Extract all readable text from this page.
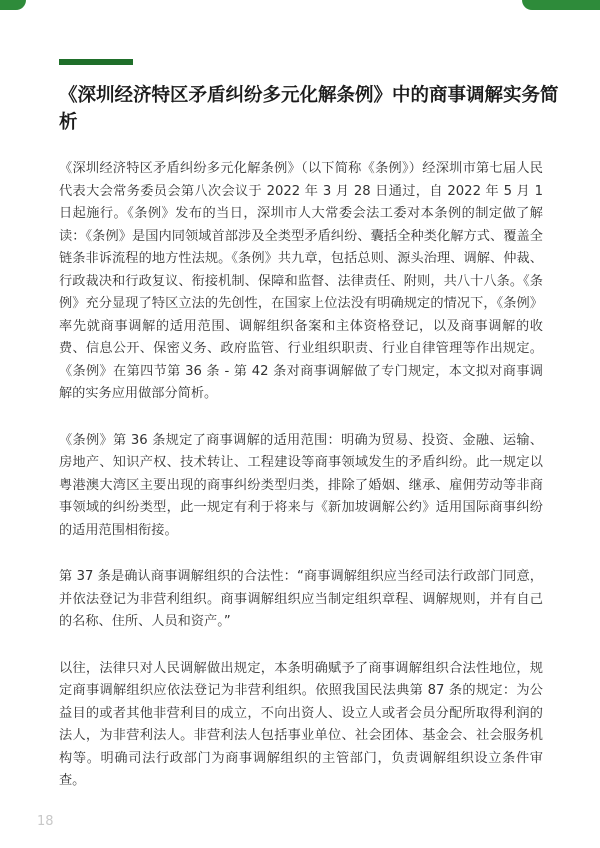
《深圳经济特区矛盾纠纷多元化解条例》中的商事调解实务简析

《深圳经济特区矛盾纠纷多元化解条例》（以下简称《条例》）经深圳市第七届人民代表大会常务委员会第八次会议于 2022 年 3 月 28 日通过，自 2022 年 5 月 1 日起施行。《条例》发布的当日，深圳市人大常委会法工委对本条例的制定做了解读：《条例》是国内同领域首部涉及全类型矛盾纠纷、囊括全种类化解方式、覆盖全链条非诉流程的地方性法规。《条例》共九章，包括总则、源头治理、调解、仲裁、行政裁决和行政复议、衔接机制、保障和监督、法律责任、附则，共八十八条。《条例》充分显现了特区立法的先创性，在国家上位法没有明确规定的情况下，《条例》率先就商事调解的适用范围、调解组织备案和主体资格登记，以及商事调解的收费、信息公开、保密义务、政府监管、行业组织职责、行业自律管理等作出规定。《条例》在第四节第 36 条 - 第 42 条对商事调解做了专门规定，本文拟对商事调解的实务应用做部分简析。

《条例》第 36 条规定了商事调解的适用范围：明确为贸易、投资、金融、运输、房地产、知识产权、技术转让、工程建设等商事领域发生的矛盾纠纷。此一规定以粤港澳大湾区主要出现的商事纠纷类型归类，排除了婚姻、继承、雇佣劳动等非商事领域的纠纷类型，此一规定有利于将来与《新加坡调解公约》适用国际商事纠纷的适用范围相衔接。

第 37 条是确认商事调解组织的合法性：“商事调解组织应当经司法行政部门同意，并依法登记为非营利组织。商事调解组织应当制定组织章程、调解规则，并有自己的名称、住所、人员和资产。”

以往，法律只对人民调解做出规定，本条明确赋予了商事调解组织合法性地位，规定商事调解组织应依法登记为非营利组织。依照我国民法典第 87 条的规定：为公益目的或者其他非营利目的成立，不向出资人、设立人或者会员分配所取得利润的法人，为非营利法人。非营利法人包括事业单位、社会团体、基金会、社会服务机构等。明确司法行政部门为商事调解组织的主管部门，负责调解组织设立条件审查。

18
